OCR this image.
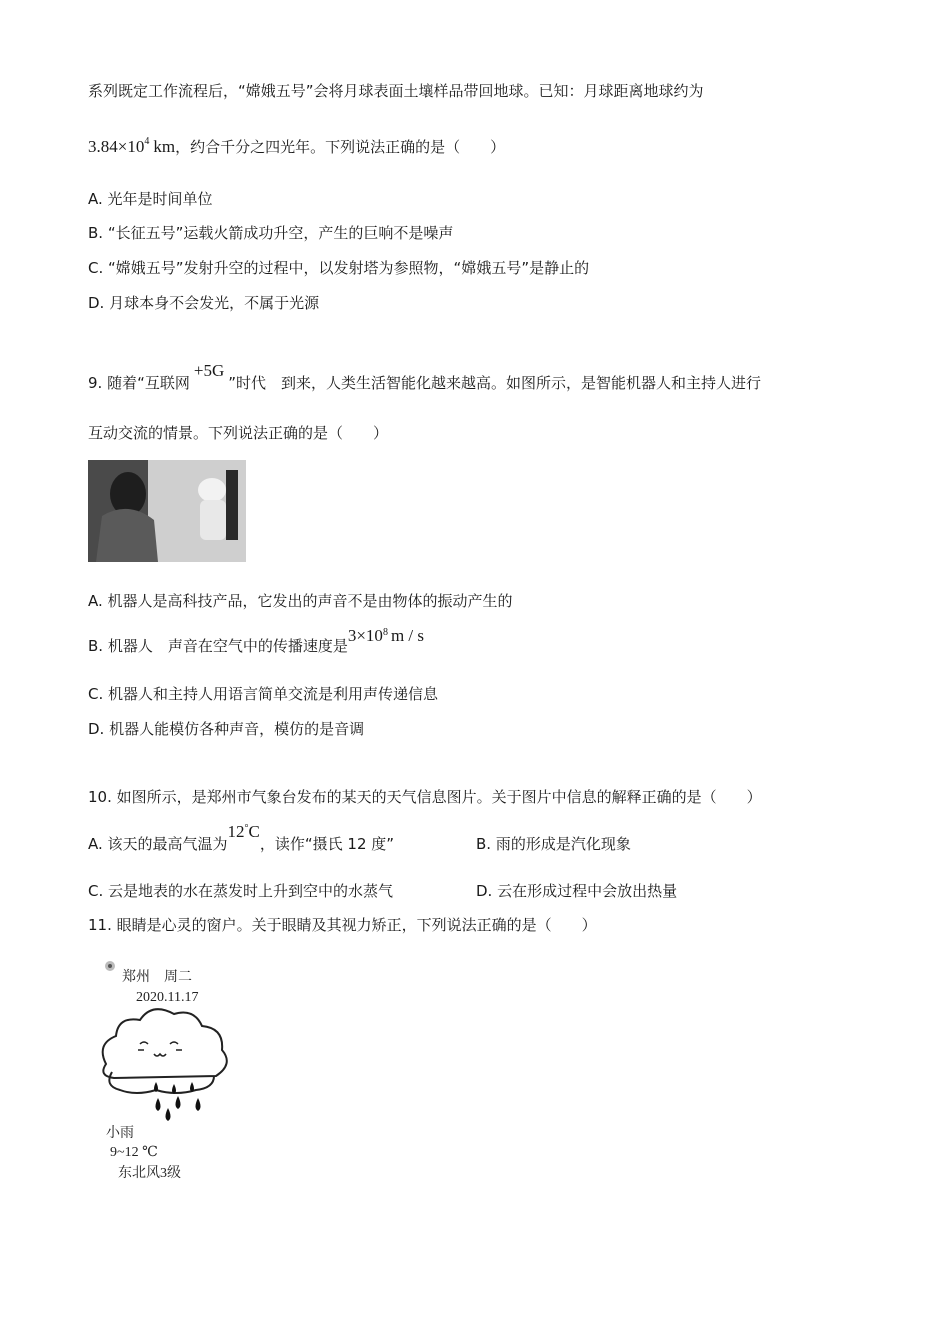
系列既定工作流程后，“嫦娥五号”会将月球表面土壤样品带回地球。已知：月球距离地球约为
$3.84\times 10^4$ km，约合千分之四光年。下列说法正确的是（　　）
A. 光年是时间单位
B. “长征五号”运载火箭成功升空，产生的巨响不是噪声
C. “嫦娥五号”发射升空的过程中，以发射塔为参照物，“嫦娥五号”是静止的
D. 月球本身不会发光，不属于光源
9. 随着“互联网+5G”时代　到来，人类生活智能化越来越高。如图所示，是智能机器人和主持人进行
互动交流的情景。下列说法正确的是（　　）
A. 机器人是高科技产品，它发出的声音不是由物体的振动产生的
B. 机器人　声音在空气中的传播速度是$3\times 10^8$ m / s
C. 机器人和主持人用语言简单交流是利用声传递信息
D. 机器人能模仿各种声音，模仿的是音调
10. 如图所示，是郑州市气象台发布的某天的天气信息图片。关于图片中信息的解释正确的是（　　）
A. 该天的最高气温为12°C，读作“摄氏 12 度”	B. 雨的形成是汽化现象
C. 云是地表的水在蒸发时上升到空中的水蒸气	D. 云在形成过程中会放出热量
11. 眼睛是心灵的窗户。关于眼睛及其视力矫正，下列说法正确的是（　　）
郑州　周二
2020.11.17
小雨
9~12 ℃
东北风3级
